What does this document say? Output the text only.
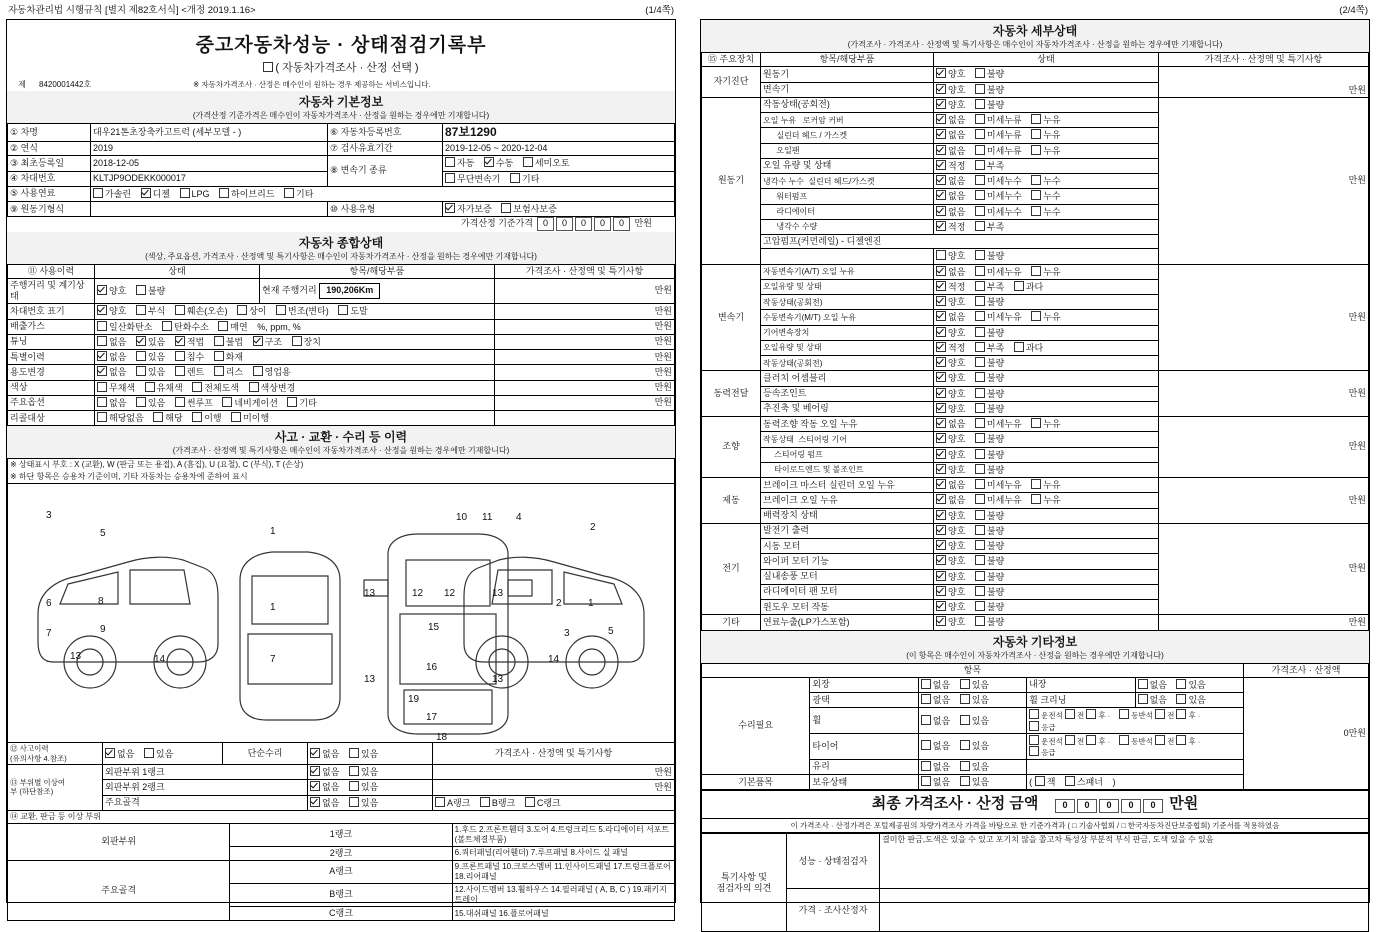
자동차관리법 시행규칙 [별지 제82호서식] <개정 2019.1.16>	(1/4쪽)
중고자동차성능 · 상태점검기록부
( 자동차가격조사 · 산정 선택 )
제	8420001442호	※ 자동차가격조사 · 산정은 매수인이 원하는 경우 제공하는 서비스입니다.
자동차 기본정보
(가격산정 기준가격은 매수인이 자동차가격조사 · 산정을 원하는 경우에만 기재합니다)
① 차명	대우21톤초장축카고트럭 (세부모델 - )	⑥ 자동차등록번호	87보1290
② 연식	2019	⑦ 검사유효기간	2019-12-05 ~ 2020-12-04
③ 최초등록일	2018-12-05	⑧ 변속기 종류	자동 수동 세미오토
④ 차대번호	KLTJP9ODEKK000017		무단변속기 기타
⑤ 사용연료	가솔린 디젤 LPG 하이브리드 기타		
⑨ 원동기형식		⑩ 사용유형	자가보증 보험사보증
	가격산정 기준가격	0 0 0 0 0 만원
자동차 종합상태
(색상, 주요옵션, 가격조사 · 산정액 및 특기사항은 매수인이 자동차가격조사 · 산정을 원하는 경우에만 기재합니다)
⑪ 사용이력	상태	항목/해당부품	가격조사 · 산정액 및 특기사항
주행거리 및 계기상태	양호 불량	현재 주행거리 190,206Km	만원
차대번호 표기	양호 부식 훼손(오손) 상이 번조(변타) 도말		만원
배출가스	일산화탄소 탄화수소 매연 %, ppm, %		만원
튜닝	없음 있음 적법 불법 구조 장치		만원
특별이력	없음 있음 침수 화재		만원
용도변경	없음 있음 렌트 리스 영업용		만원
색상	무채색 유채색 전체도색 색상변경		만원
주요옵션	없음 있음 썬루프 네비게이션 기타		만원
리콜대상	해당없음 해당 이행 미이행		
사고 · 교환 · 수리 등 이력
(가격조사 · 산정액 및 특기사항은 매수인이 자동차가격조사 · 산정을 원하는 경우에만 기재합니다)
※ 상태표시 부호 : X (교환), W (판금 또는 용접), A (흠집), U (요철), C (부식), T (손상)
※ 하단 항목은 승용차 기준이며, 기타 자동차는 승용차에 준하여 표시
1	2
3	10 11 4
5
1
8
9
6
7
13	14
13	12 12	13
7
15
16
13	13
19
17
18
2	1
3
14
5
⑫ 사고이력
(유의사항 4.참조)	없음 있음	단순수리	없음 있음	가격조사 · 산정액 및 특기사항
⑬ 부위별 이상여
부 (하단참조)	외판부위 1랭크		없음 있음	만원
	외판부위 2랭크		없음 있음	만원
	주요골격		없음 있음	A랭크 B랭크 C랭크
⑭ 교환, 판금 등 이상 부위		
외판부위	1랭크	1.후드 2.프론트휀더 3.도어 4.트렁크리드 5.라디에이터 서포트(볼트체결부품)
	2랭크	6.쿽터패널(리어휀더) 7.루프패널 8.사이드 실 패널
주요골격	A랭크	9.프론트패널 10.크로스멤버 11.인사이드패널 17.트렁크플로어 18.리어패널
	B랭크	12.사이드멤버 13.휠하우스 14.필러패널 ( A, B, C ) 19.패키지트레이
	C랭크	15.대쉬패널 16.플로어패널
(2/4쪽)
자동차 세부상태
(가격조사 · 가격조사 · 산정액 및 특기사항은 매수인이 자동차가격조사 · 산정을 원하는 경우에만 기재합니다)
⑮ 주요장치	항목/해당부품	상태	가격조사 · 산정액 및 특기사항
자기진단	원동기	양호 불량	만원
	변속기	양호 불량	
원동기	작동상태(공회전)	양호 불량	만원
	오일 누유   로커암 커버	없음 미세누류 누유	
	실린더 헤드 / 가스켓	없음 미세누류 누유	
	오일팬	없음 미세누류 누유	
	오일 유량 및 상태	적정 부족	
	냉각수 누수  실린더 헤드/가스켓	없음 미세누수 누수	
	워터펌프	없음 미세누수 누수	
	라디에이터	없음 미세누수 누수	
	냉각수 수량	적정 부족	
	고압펌프(커먼레일) - 디젤엔진		
		양호 불량	
변속기	자동변속기(A/T) 오일 누유	없음 미세누유 누유	만원
	오일유량 및 상태	적정 부족 과다	
	작동상태(공회전)	양호 불량	
	수동변속기(M/T) 오일 누유	없음 미세누유 누유	
	기어변속장치	양호 불량	
	오일유량 및 상태	적정 부족 과다	
	작동상태(공회전)	양호 불량	
동력전달	클러치 어셈블리	양호 불량	만원
	등속조인트	양호 불량	
	추진축 및 베어링	양호 불량	
조향	동력조향 작동 오일 누유	없음 미세누유 누유	만원
	작동상태  스티어링 기어	양호 불량	
	스티어링 펌프	양호 불량	
	타이로드엔드 및 볼조인트	양호 불량	
제동	브레이크 마스터 실린더 오일 누유	없음 미세누유 누유	만원
	브레이크 오일 누유	없음 미세누유 누유	
	배력장치 상태	양호 불량	
전기	발전기 출력	양호 불량	만원
	시동 모터	양호 불량	
	와이퍼 모터 기능	양호 불량	
	실내송풍 모터	양호 불량	
	라디에이터 팬 모터	양호 불량	
	윈도우 모터 작동	양호 불량	
기타	연료누출(LP가스포함)	양호 불량	만원
자동차 기타정보
(이 항목은 매수인이 자동차가격조사 · 산정을 원하는 경우에만 기재합니다)
항목					가격조사 · 산정액
수리필요	외장	없음 있음	내장	없음 있음	0만원
	광택	없음 있음	휠 크리닝	없음 있음	
	휠	없음 있음	운전석 전 후 · 동반석 전 후 · 응급		
	타이어	없음 있음	운전석 전 후 · 동반석 전 후 · 응급		
	유리	없음 있음			
기본품목	보유상태	없음 있음	( 잭 스패너 )		
최종 가격조사 · 산정 금액	0 0 0 0 0 만원
이 가격조사 · 산정가격은 포털제공원의 차량가격조사 가격을 바탕으로 한 기준가격과 ( □ 기술사협회 / □ 한국자동차진단보증협회) 기준서를 적용하였음
특기사항 및
점검자의 의견	성능 · 상태점검자	결미한 판금,도색은 있을 수 있고 포기치 않을 쫄고차 특성상 부분적 부식 판금, 도색 있을 수 있음
	가격 · 조사산정자	
